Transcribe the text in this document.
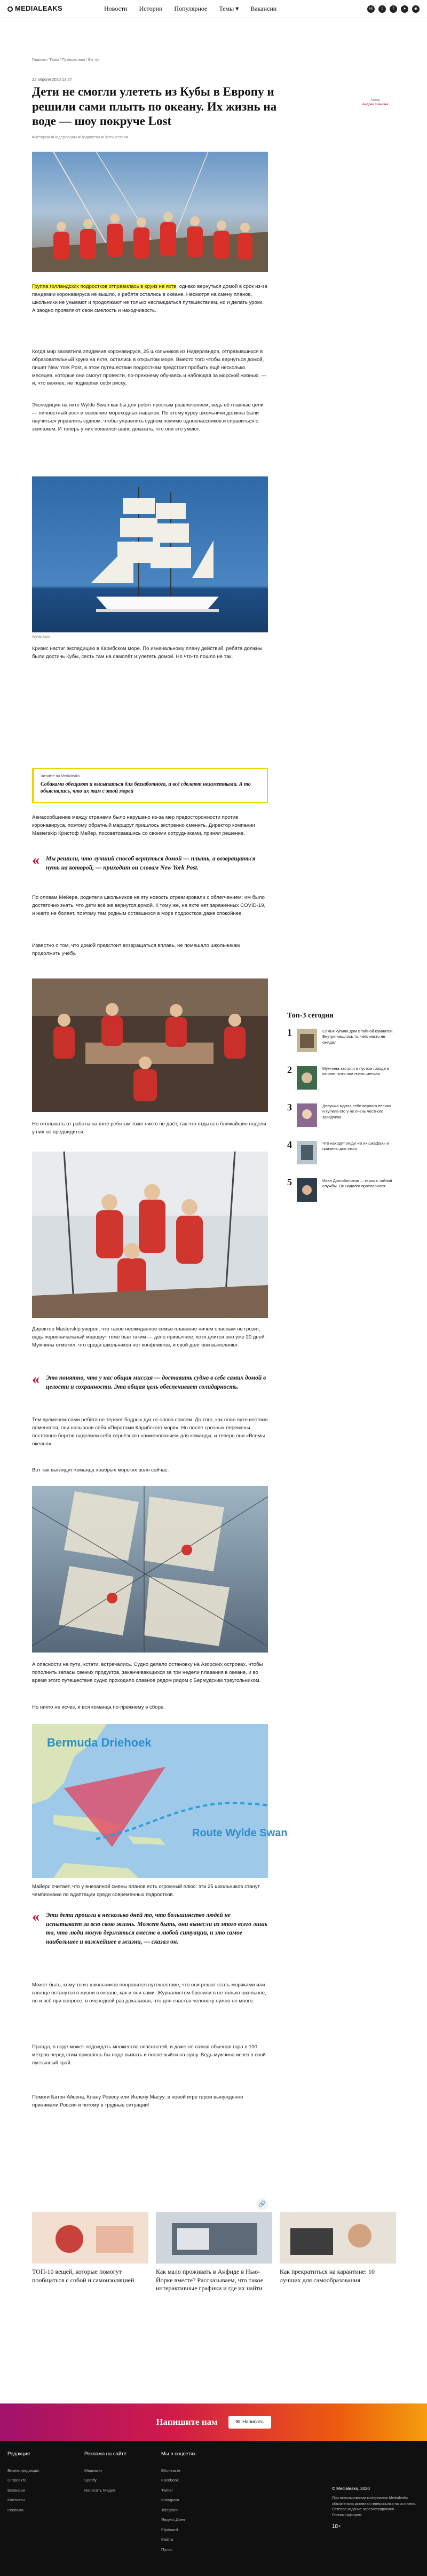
MEDIALEAKS	Новости Истории Популярное Темы ▾ Вакансии	vk	t	f	➤	◉
Главная / Темы / Путешествия / Вы тут
22 апреля 2020 13:27
Дети не смогли улететь из Кубы в Европу и решили сами плыть по океану. Их жизнь на воде — шоу покруче Lost
#Истории #Нидерланды #Подростки #Путешествия
Автор
Андрей Шанина

Группа голландских подростков отправилась в круиз на яхте, однако вернуться домой в срок из-за пандемии коронавируса не вышло, и ребята остались в океане. Несмотря на смену планов, школьники не унывают и продолжают не только наслаждаться путешествием, но и делать уроки. А заодно проявляют свои смелость и находчивость.

Когда мир захватила эпидемия коронавируса, 25 школьников из Нидерландов, отправившихся в образовательный круиз на яхте, остались в открытом море. Вместо того чтобы вернуться домой, пишет New York Post, в этом путешествии подросткам предстоит пробыть ещё несколько месяцев, которые они смогут провести, по-прежнему обучаясь и наблюдая за морской жизнью, — и, что важнее, не подвергая себя риску.

Экспедиция на яхте Wylde Swan как бы для ребят простым развлечением, ведь её главные цели — личностный рост и освоение мореходных навыков. По этому курсу школьники должны были научиться управлять судном, чтобы управлять судном помимо одноклассников и справиться с экипажем. И теперь у них появился шанс доказать, что они это умеют.

Wylde Swan

Кризис настиг экспедицию в Карибском море. По изначальному плану действий, ребята должны были достичь Кубы, сесть там на самолёт и улететь домой. Но что-то пошло не так.

Читайте на Medialeaks
Собаками обещают и высыпаться для беззаботного, и всё сделают незаметными. А то объяснялись, что их там с этой морей

Авиасообщение между странами было нарушено из-за мер предосторожности против коронавируса, поэтому обратный маршрут пришлось экстренно сменить. Директор компании Masterskip Кристоф Мейер, посоветовавшись со своими сотрудниками, принял решение.

« Мы решили, что лучший способ вернуться домой — плыть, а возвращаться путь на которой, — приходит он словам New York Post.

По словам Мейера, родители школьников на эту новость отреагировали с облегчением: им было достаточно знать, что дети всё же вернутся домой. К тому же, на яхте нет заражённых COVID-19, и никто не болеет, поэтому там родным оставшихся в море подростков даже спокойнее.

Известно о том, что домой предстоит возвращаться вплавь, не помешало школьникам продолжить учёбу.

Но отплывать от работы на яхте ребятам тоже никто не даёт, так что отдыха в ближайшие недели у них не предвидится.

Директор Masterskip уверен, что такое неожиданное семье плавание ничем опасным не грозит, ведь первоначальный маршрут тоже был таким — дело привычное, хотя длится оно уже 20 дней. Мужчины отметил, что среди школьников нет конфликтов, и свой долг они выполняют.

« Это понятно, что у нас общая миссия — доставить судно в себе самих домой в целости и сохранности. Эта общая цель обеспечивает солидарность.

Тем временем сами ребята не теряют бодрых дух от слова совсем. До того, как план путешествия поменялся, они называли себя «Пиратами Карибского моря». Но после срочных перемены постоянно бортов наделили себя серьёзного наименованием для команды, и теперь они «Всемы океана».

Вот так выглядит команда храбрых морских волн сейчас.

А опасности на пути, кстати, встречались. Судно делало остановку на Азорских островах, чтобы пополнить запасы свежих продуктов, заканчивающихся за три недели плавания в океане, и во время этого путешествия судно проходило славное рядом рядом с Бермудским треугольником.

Но никто не исчез, и вся команда по-прежнему в сборе.

Bermuda Driehoek
Route Wylde Swan

Майерс считает, что у внезапной смены планов есть огромный плюс: эти 25 школьников станут чемпионами по адаптации среди современных подростков.

« Эти дети прошли в несколько дней то, что большинство людей не испытывает за всю свою жизнь. Может быть, они вынесли из этого всего лишь то, что люди могут держаться вместе в любой ситуации, и это самое наибольшее и важнейшее в жизни, — сказал он.

Может быть, кому-то из школьников понравится путешествие, что они решат стать моряками или в конце останутся в жизни в океане, как и они сами. Журналистом бросили в не только школьное, но и всё при вопросе, в очередной раз доказывая, что для счастья человеку нужно не много.

Правда, в воде может подождать множество опасностей, и даже не самая обычная гора в 100 метров перед этим пришлось бы надо выжать и после выйти на сушу. Ведь мужчина исчез в свой пустынный край.

Помоги Батон Айсена, Клану Ровесу или Инлену Масуу: в новой игре герои вынужденно принимали Россия и потому в трудные ситуации!

🔗
Топ-3 сегодня
1	Семья купила дом с тайной комнатой. Внутри нашлось то, чего никто не ожидал
2	Мужчина застрял в пустом городе в канаве, хотя она очень мелкая
3	Девушка ждала себе верного пёсика и купила его у не очень честного заводчика
4	Что находят люди «В их шкафах» и причины для этого
5	Иван Долгоболотов — игрок с тайной службы. Он надолго прославился
ТОП-10 вещей, которые помогут пообщаться с собой и самоизоляцией
Как мало проживать в Анфиде в Нью-Йорке вместе? Рассказываем, что такое интерактивные графики и где их найти
Как прекратиться на карантине: 10 лучших для самообразования
Напишите нам	✉ Написать
Редакция
Бизнес-редакция
О проекте
Вакансии
Контакты
Реклама
Реклама на сайте
Медиакит
Spotify
Написать Медиа
Мы в соцсетях
ВКонтакте
Facebook
Twitter
Instagram
Telegram
Яндекс.Дзен
Flipboard
Mail.ru
Пульс
© Medialeaks, 2020
При использовании материалов Medialeaks обязательна активная гиперссылка на источник. Сетевое издание зарегистрировано Роскомнадзором.
18+
